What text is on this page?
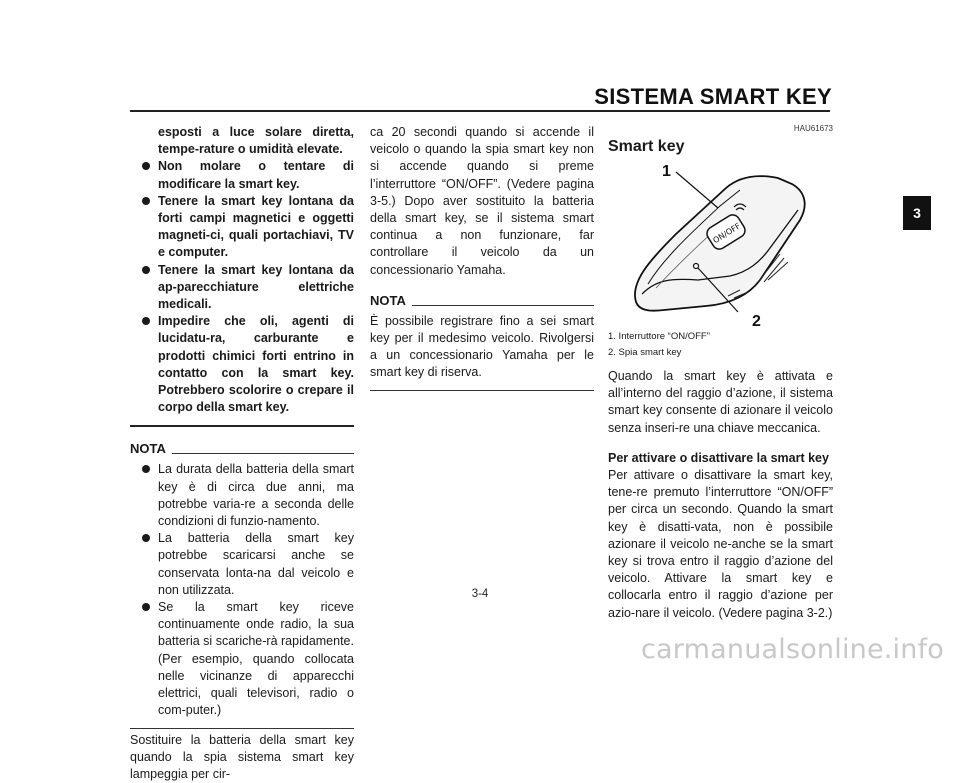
SISTEMA SMART KEY
3
esposti a luce solare diretta, tempe-rature o umidità elevate.
Non molare o tentare di modificare la smart key.
Tenere la smart key lontana da forti campi magnetici e oggetti magneti-ci, quali portachiavi, TV e computer.
Tenere la smart key lontana da ap-parecchiature elettriche medicali.
Impedire che oli, agenti di lucidatu-ra, carburante e prodotti chimici forti entrino in contatto con la smart key. Potrebbero scolorire o crepare il corpo della smart key.
NOTA
La durata della batteria della smart key è di circa due anni, ma potrebbe varia-re a seconda delle condizioni di funzio-namento.
La batteria della smart key potrebbe scaricarsi anche se conservata lonta-na dal veicolo e non utilizzata.
Se la smart key riceve continuamente onde radio, la sua batteria si scariche-rà rapidamente. (Per esempio, quando collocata nelle vicinanze di apparecchi elettrici, quali televisori, radio o com-puter.)
Sostituire la batteria della smart key quando la spia sistema smart key lampeggia per cir-
ca 20 secondi quando si accende il veicolo o quando la spia smart key non si accende quando si preme l’interruttore “ON/OFF”. (Vedere pagina 3-5.) Dopo aver sostituito la batteria della smart key, se il sistema smart continua a non funzionare, far controllare il veicolo da un concessionario Yamaha.
NOTA
È possibile registrare fino a sei smart key per il medesimo veicolo. Rivolgersi a un concessionario Yamaha per le smart key di riserva.
HAU61673
Smart key
ON/OFF
1
2
1. Interruttore “ON/OFF”
2. Spia smart key
Quando la smart key è attivata e all’interno del raggio d’azione, il sistema smart key consente di azionare il veicolo senza inseri-re una chiave meccanica.
Per attivare o disattivare la smart key
Per attivare o disattivare la smart key, tene-re premuto l’interruttore “ON/OFF” per circa un secondo. Quando la smart key è disatti-vata, non è possibile azionare il veicolo ne-anche se la smart key si trova entro il raggio d’azione del veicolo. Attivare la smart key e collocarla entro il raggio d’azione per azio-nare il veicolo. (Vedere pagina 3-2.)
3-4
carmanualsonline.info
